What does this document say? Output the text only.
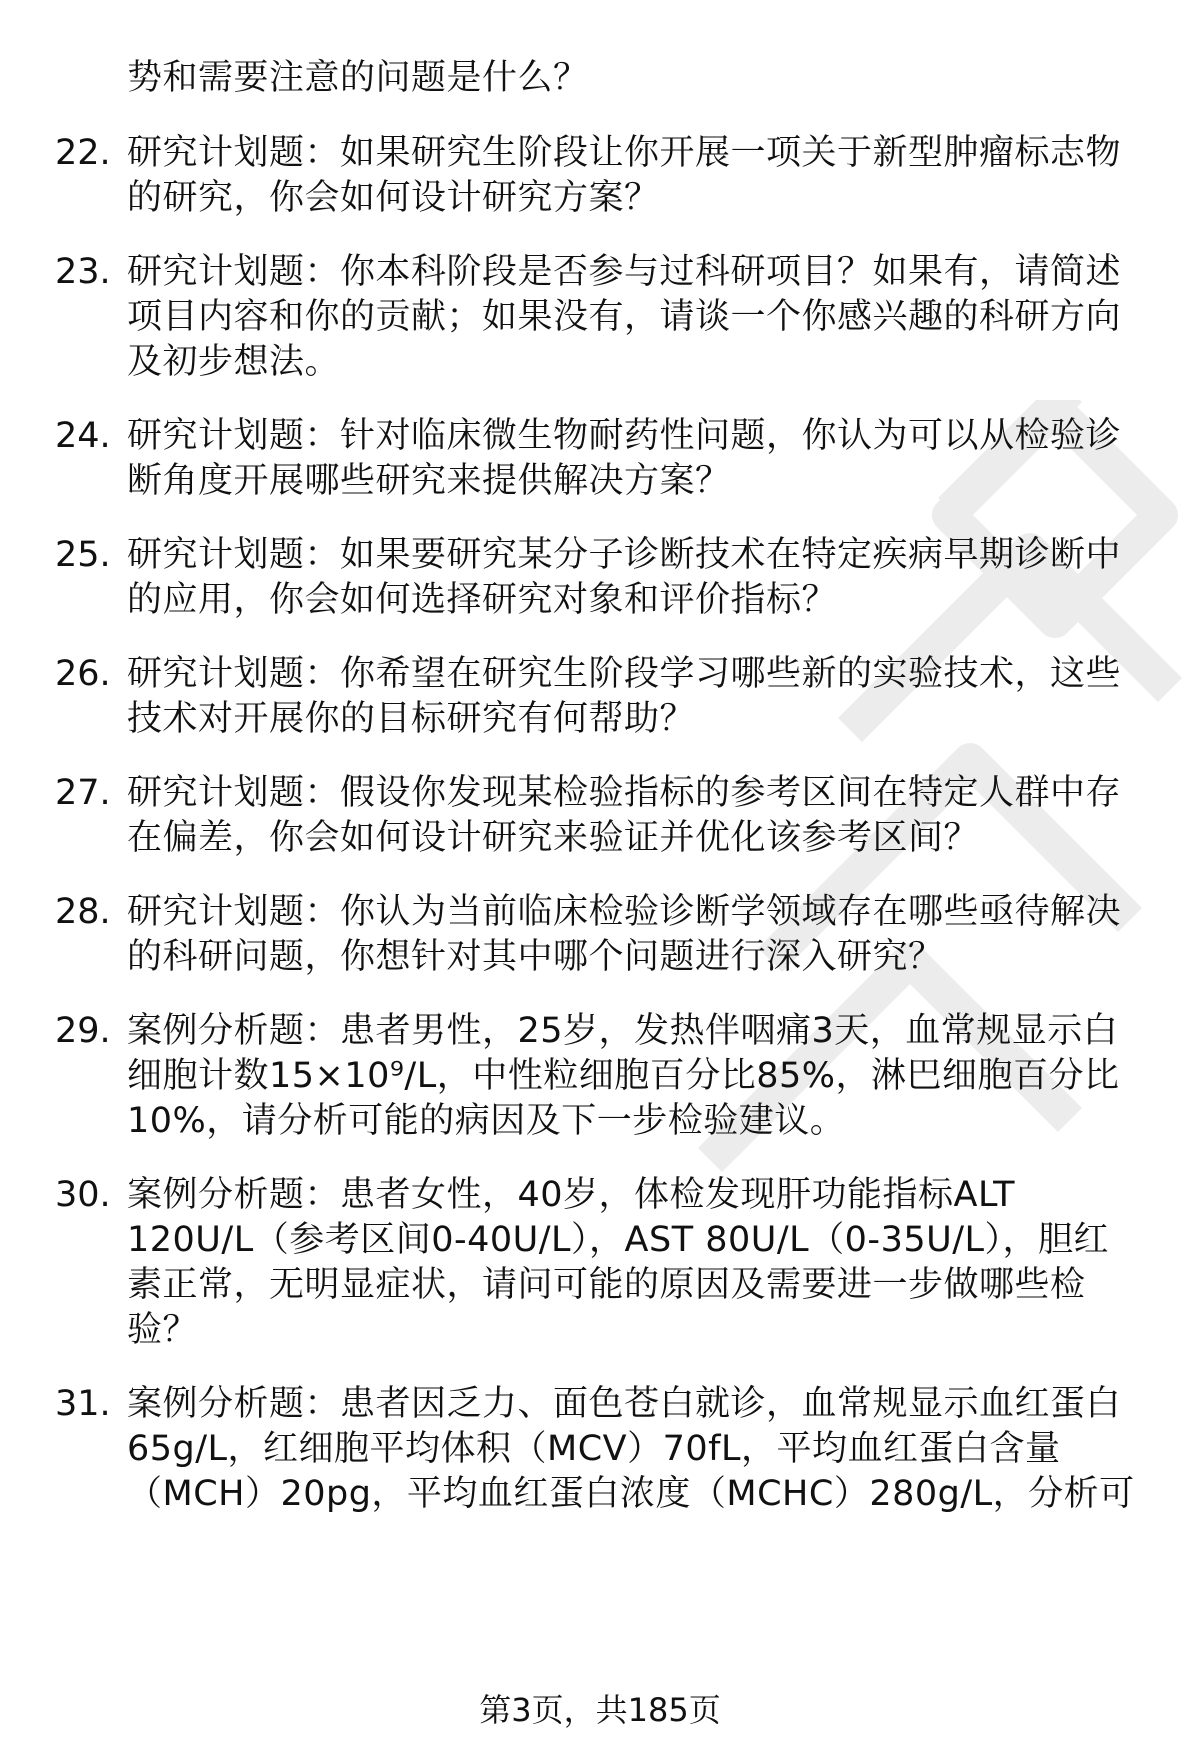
势和需要注意的问题是什么？
22. 研究计划题：如果研究生阶段让你开展一项关于新型肿瘤标志物
的研究，你会如何设计研究方案？
23. 研究计划题：你本科阶段是否参与过科研项目？如果有，请简述
项目内容和你的贡献；如果没有，请谈一个你感兴趣的科研方向
及初步想法。
24. 研究计划题：针对临床微生物耐药性问题，你认为可以从检验诊
断角度开展哪些研究来提供解决方案？
25. 研究计划题：如果要研究某分子诊断技术在特定疾病早期诊断中
的应用，你会如何选择研究对象和评价指标？
26. 研究计划题：你希望在研究生阶段学习哪些新的实验技术，这些
技术对开展你的目标研究有何帮助？
27. 研究计划题：假设你发现某检验指标的参考区间在特定人群中存
在偏差，你会如何设计研究来验证并优化该参考区间？
28. 研究计划题：你认为当前临床检验诊断学领域存在哪些亟待解决
的科研问题，你想针对其中哪个问题进行深入研究？
29. 案例分析题：患者男性，25岁，发热伴咽痛3天，血常规显示白
细胞计数15×10⁹/L，中性粒细胞百分比85%，淋巴细胞百分比
10%，请分析可能的病因及下一步检验建议。
30. 案例分析题：患者女性，40岁，体检发现肝功能指标ALT
120U/L（参考区间0-40U/L），AST 80U/L（0-35U/L），胆红
素正常，无明显症状，请问可能的原因及需要进一步做哪些检
验？
31. 案例分析题：患者因乏力、面色苍白就诊，血常规显示血红蛋白
65g/L，红细胞平均体积（MCV）70fL，平均血红蛋白含量
（MCH）20pg，平均血红蛋白浓度（MCHC）280g/L，分析可
第3页，共185页
